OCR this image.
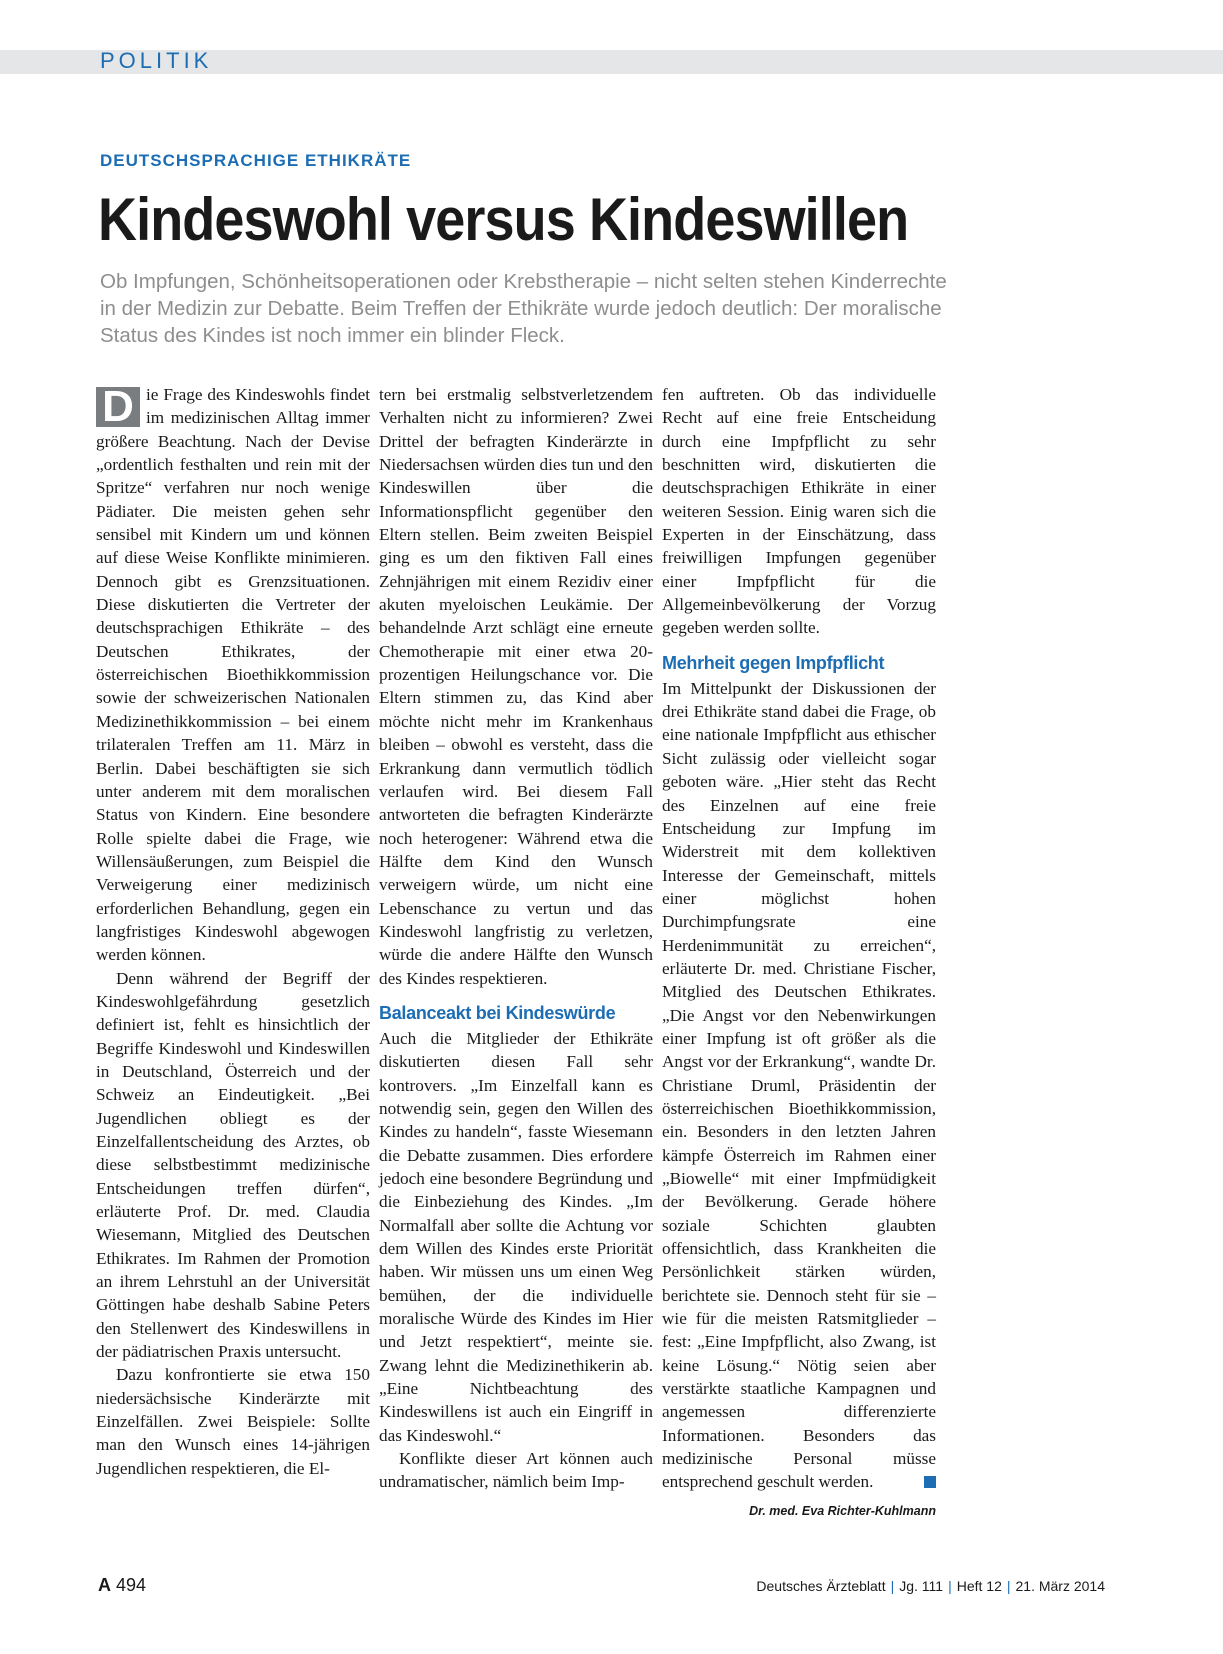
POLITIK
DEUTSCHSPRACHIGE ETHIKRÄTE
Kindeswohl versus Kindeswillen

Ob Impfungen, Schönheitsoperationen oder Krebstherapie – nicht selten stehen Kinderrechte in der Medizin zur Debatte. Beim Treffen der Ethikräte wurde jedoch deutlich: Der moralische Status des Kindes ist noch immer ein blinder Fleck.

D ie Frage des Kindeswohls findet im medizinischen Alltag immer größere Beachtung. Nach der Devise „ordentlich festhalten und rein mit der Spritze“ verfahren nur noch wenige Pädiater. Die meisten gehen sehr sensibel mit Kindern um und können auf diese Weise Konflikte minimieren. Dennoch gibt es Grenzsituationen. Diese diskutierten die Vertreter der deutschsprachigen Ethikräte – des Deutschen Ethikrates, der österreichischen Bioethikkommission sowie der schweizerischen Nationalen Medizinethikkommission – bei einem trilateralen Treffen am 11. März in Berlin. Dabei beschäftigten sie sich unter anderem mit dem moralischen Status von Kindern. Eine besondere Rolle spielte dabei die Frage, wie Willensäußerungen, zum Beispiel die Verweigerung einer medizinisch erforderlichen Behandlung, gegen ein langfristiges Kindeswohl abgewogen werden können.

Denn während der Begriff der Kindeswohlgefährdung gesetzlich definiert ist, fehlt es hinsichtlich der Begriffe Kindeswohl und Kindeswillen in Deutschland, Österreich und der Schweiz an Eindeutigkeit. „Bei Jugendlichen obliegt es der Einzelfallentscheidung des Arztes, ob diese selbstbestimmt medizinische Entscheidungen treffen dürfen“, erläuterte Prof. Dr. med. Claudia Wiesemann, Mitglied des Deutschen Ethikrates. Im Rahmen der Promotion an ihrem Lehrstuhl an der Universität Göttingen habe deshalb Sabine Peters den Stellenwert des Kindeswillens in der pädiatrischen Praxis untersucht.

Dazu konfrontierte sie etwa 150 niedersächsische Kinderärzte mit Einzelfällen. Zwei Beispiele: Sollte man den Wunsch eines 14-jährigen Jugendlichen respektieren, die El-

tern bei erstmalig selbstverletzendem Verhalten nicht zu informieren? Zwei Drittel der befragten Kinderärzte in Niedersachsen würden dies tun und den Kindeswillen über die Informationspflicht gegenüber den Eltern stellen. Beim zweiten Beispiel ging es um den fiktiven Fall eines Zehnjährigen mit einem Rezidiv einer akuten myeloischen Leukämie. Der behandelnde Arzt schlägt eine erneute Chemotherapie mit einer etwa 20-prozentigen Heilungschance vor. Die Eltern stimmen zu, das Kind aber möchte nicht mehr im Krankenhaus bleiben – obwohl es versteht, dass die Erkrankung dann vermutlich tödlich verlaufen wird. Bei diesem Fall antworteten die befragten Kinderärzte noch heterogener: Während etwa die Hälfte dem Kind den Wunsch verweigern würde, um nicht eine Lebenschance zu vertun und das Kindeswohl langfristig zu verletzen, würde die andere Hälfte den Wunsch des Kindes respektieren.

Balanceakt bei Kindeswürde

Auch die Mitglieder der Ethikräte diskutierten diesen Fall sehr kontrovers. „Im Einzelfall kann es notwendig sein, gegen den Willen des Kindes zu handeln“, fasste Wiesemann die Debatte zusammen. Dies erfordere jedoch eine besondere Begründung und die Einbeziehung des Kindes. „Im Normalfall aber sollte die Achtung vor dem Willen des Kindes erste Priorität haben. Wir müssen uns um einen Weg bemühen, der die individuelle moralische Würde des Kindes im Hier und Jetzt respektiert“, meinte sie. Zwang lehnt die Medizinethikerin ab. „Eine Nichtbeachtung des Kindeswillens ist auch ein Eingriff in das Kindeswohl.“

Konflikte dieser Art können auch undramatischer, nämlich beim Imp-

fen auftreten. Ob das individuelle Recht auf eine freie Entscheidung durch eine Impfpflicht zu sehr beschnitten wird, diskutierten die deutschsprachigen Ethikräte in einer weiteren Session. Einig waren sich die Experten in der Einschätzung, dass freiwilligen Impfungen gegenüber einer Impfpflicht für die Allgemeinbevölkerung der Vorzug gegeben werden sollte.

Mehrheit gegen Impfpflicht

Im Mittelpunkt der Diskussionen der drei Ethikräte stand dabei die Frage, ob eine nationale Impfpflicht aus ethischer Sicht zulässig oder vielleicht sogar geboten wäre. „Hier steht das Recht des Einzelnen auf eine freie Entscheidung zur Impfung im Widerstreit mit dem kollektiven Interesse der Gemeinschaft, mittels einer möglichst hohen Durchimpfungsrate eine Herdenimmunität zu erreichen“, erläuterte Dr. med. Christiane Fischer, Mitglied des Deutschen Ethikrates. „Die Angst vor den Nebenwirkungen einer Impfung ist oft größer als die Angst vor der Erkrankung“, wandte Dr. Christiane Druml, Präsidentin der österreichischen Bioethikkommission, ein. Besonders in den letzten Jahren kämpfe Österreich im Rahmen einer „Biowelle“ mit einer Impfmüdigkeit der Bevölkerung. Gerade höhere soziale Schichten glaubten offensichtlich, dass Krankheiten die Persönlichkeit stärken würden, berichtete sie. Dennoch steht für sie – wie für die meisten Ratsmitglieder – fest: „Eine Impfpflicht, also Zwang, ist keine Lösung.“ Nötig seien aber verstärkte staatliche Kampagnen und angemessen differenzierte Informationen. Besonders das medizinische Personal müsse entsprechend geschult werden.

Dr. med. Eva Richter-Kuhlmann
A 494	Deutsches Ärzteblatt | Jg. 111 | Heft 12 | 21. März 2014
